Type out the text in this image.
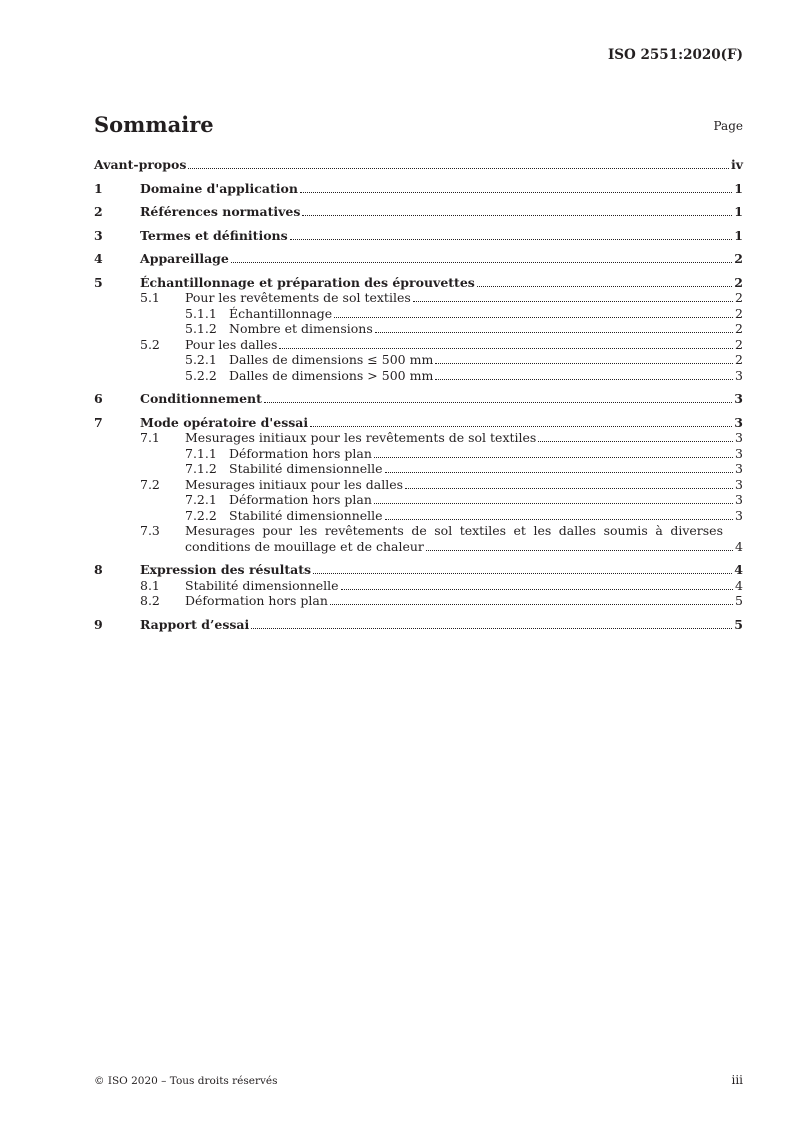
ISO 2551:2020(F)
Sommaire	Page
Avant-propos	iv
1	Domaine d'application	1
2	Références normatives	1
3	Termes et définitions	1
4	Appareillage	2
5	Échantillonnage et préparation des éprouvettes	2
5.1	Pour les revêtements de sol textiles	2
5.1.1 Échantillonnage	2
5.1.2 Nombre et dimensions	2
5.2	Pour les dalles	2
5.2.1 Dalles de dimensions ≤ 500 mm	2
5.2.2 Dalles de dimensions > 500 mm	3
6	Conditionnement	3
7	Mode opératoire d'essai	3
7.1	Mesurages initiaux pour les revêtements de sol textiles	3
7.1.1 Déformation hors plan	3
7.1.2 Stabilité dimensionnelle	3
7.2	Mesurages initiaux pour les dalles	3
7.2.1 Déformation hors plan	3
7.2.2 Stabilité dimensionnelle	3
7.3	Mesurages pour les revêtements de sol textiles et les dalles soumis à diverses
conditions de mouillage et de chaleur	4
8	Expression des résultats	4
8.1	Stabilité dimensionnelle	4
8.2	Déformation hors plan	5
9	Rapport d’essai	5
© ISO 2020 – Tous droits réservés	iii
